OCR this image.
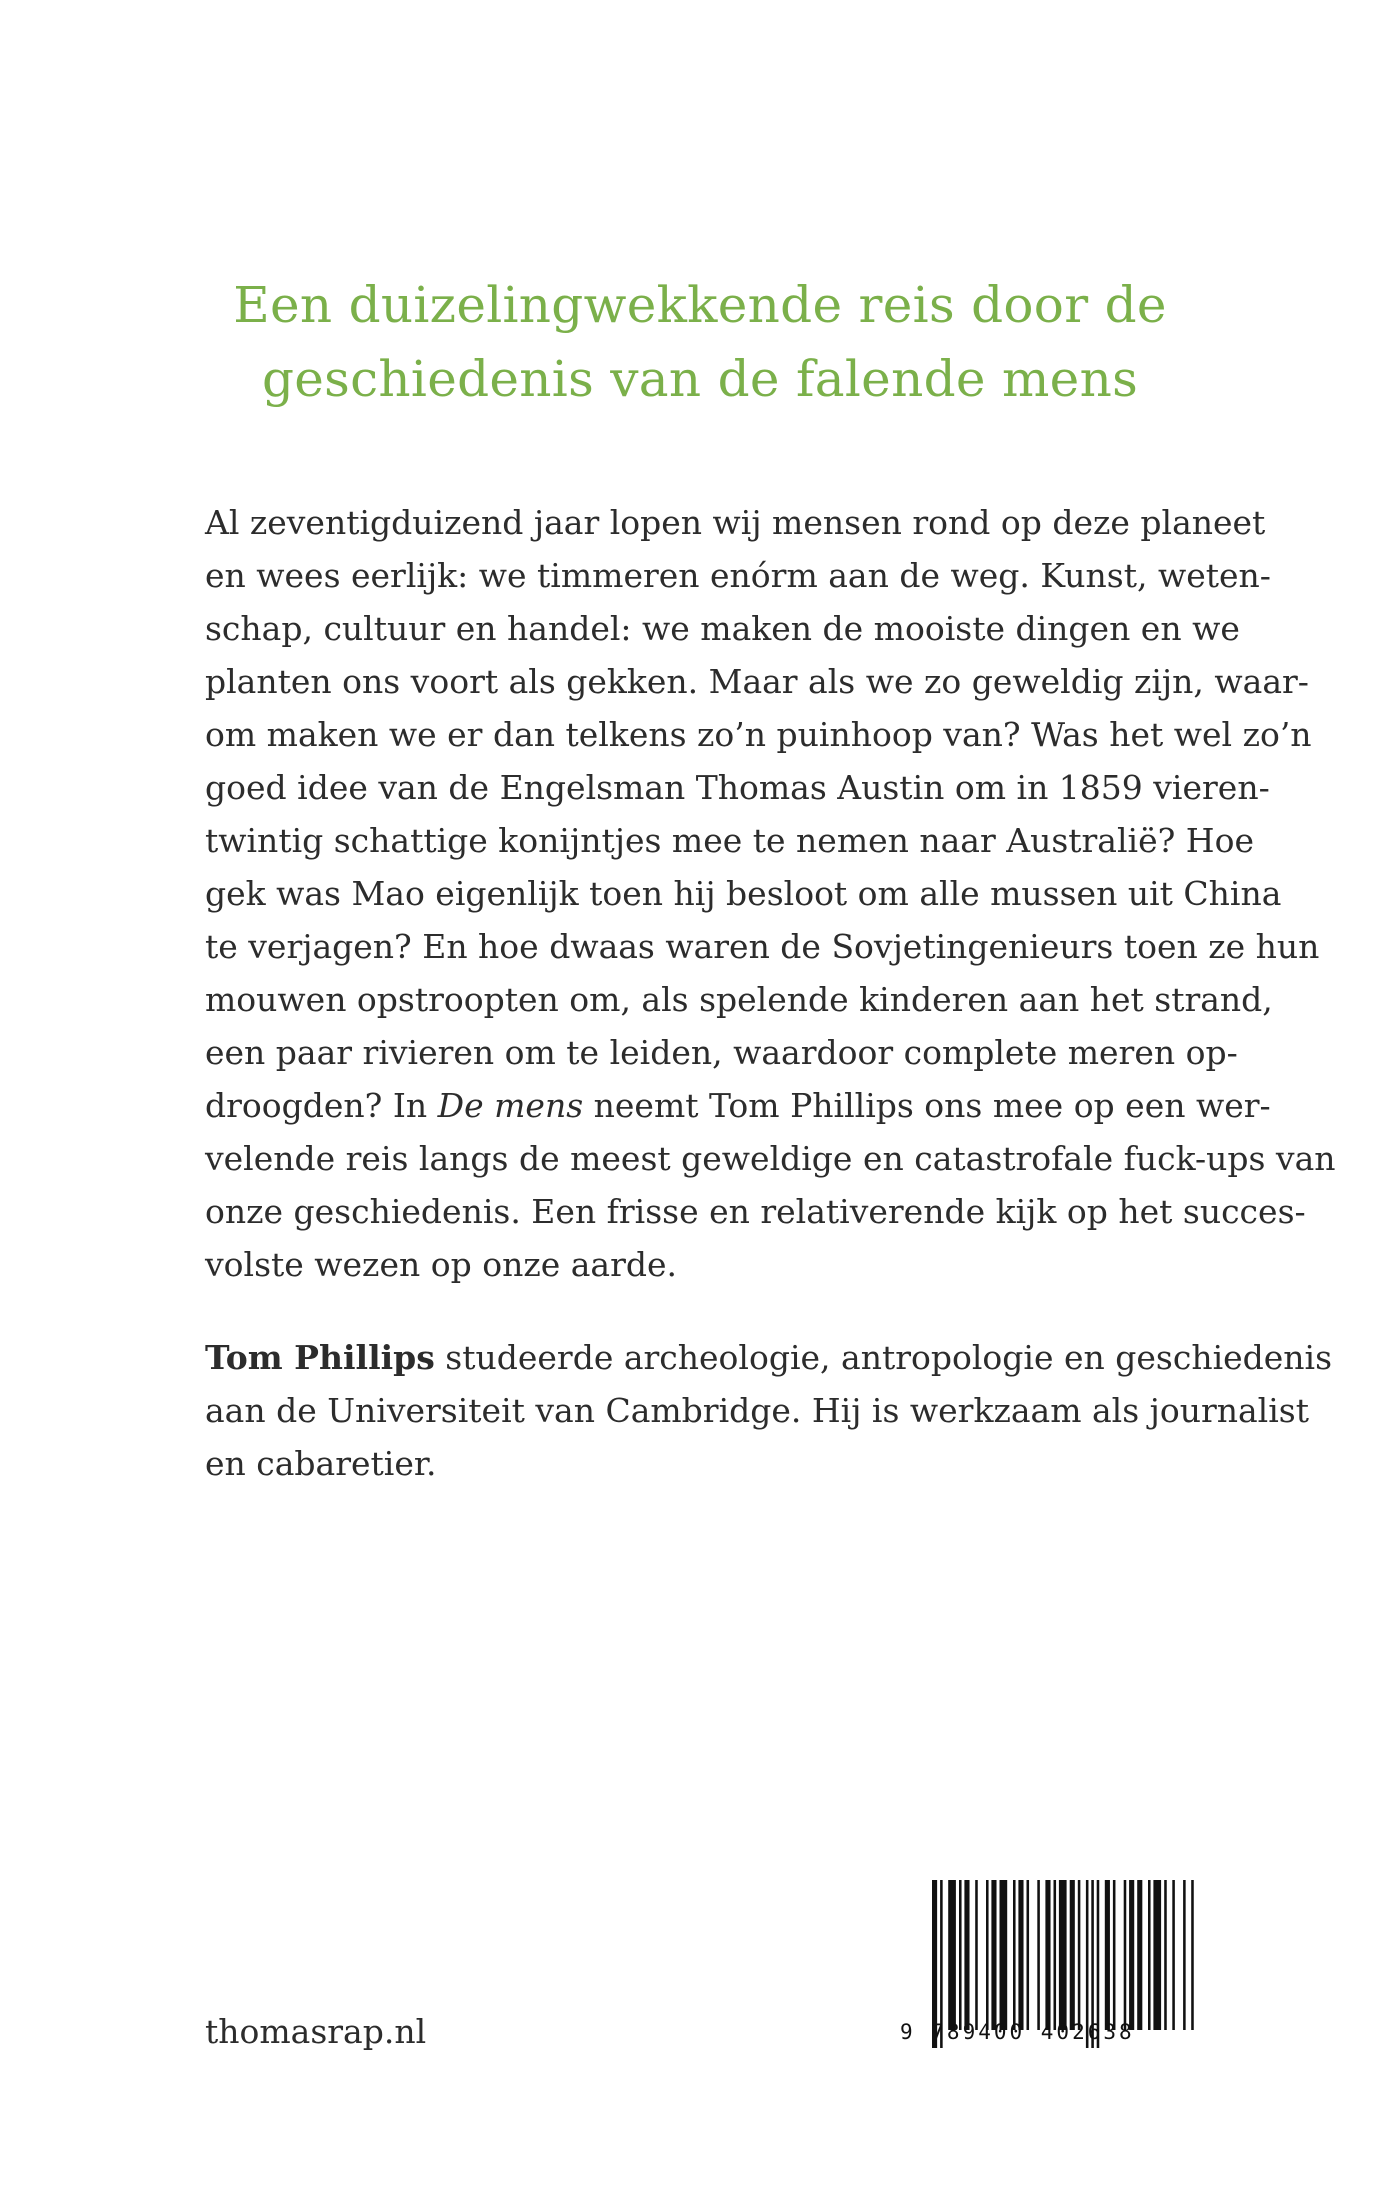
Een duizelingwekkende reis door de
geschiedenis van de falende mens
Al zeventigduizend jaar lopen wij mensen rond op deze planeet
en wees eerlijk: we timmeren enórm aan de weg. Kunst, weten-
schap, cultuur en handel: we maken de mooiste dingen en we
planten ons voort als gekken. Maar als we zo geweldig zijn, waar-
om maken we er dan telkens zo’n puinhoop van? Was het wel zo’n
goed idee van de Engelsman Thomas Austin om in 1859 vieren-
twintig schattige konijntjes mee te nemen naar Australië? Hoe
gek was Mao eigenlijk toen hij besloot om alle mussen uit China
te verjagen? En hoe dwaas waren de Sovjetingenieurs toen ze hun
mouwen opstroopten om, als spelende kinderen aan het strand,
een paar rivieren om te leiden, waardoor complete meren op-
droogden? In De mens neemt Tom Phillips ons mee op een wer-
velende reis langs de meest geweldige en catastrofale fuck-ups van
onze geschiedenis. Een frisse en relativerende kijk op het succes-
volste wezen op onze aarde.
Tom Phillips studeerde archeologie, antropologie en geschiedenis
aan de Universiteit van Cambridge. Hij is werkzaam als journalist
en cabaretier.
thomasrap.nl	9 789400 402638
